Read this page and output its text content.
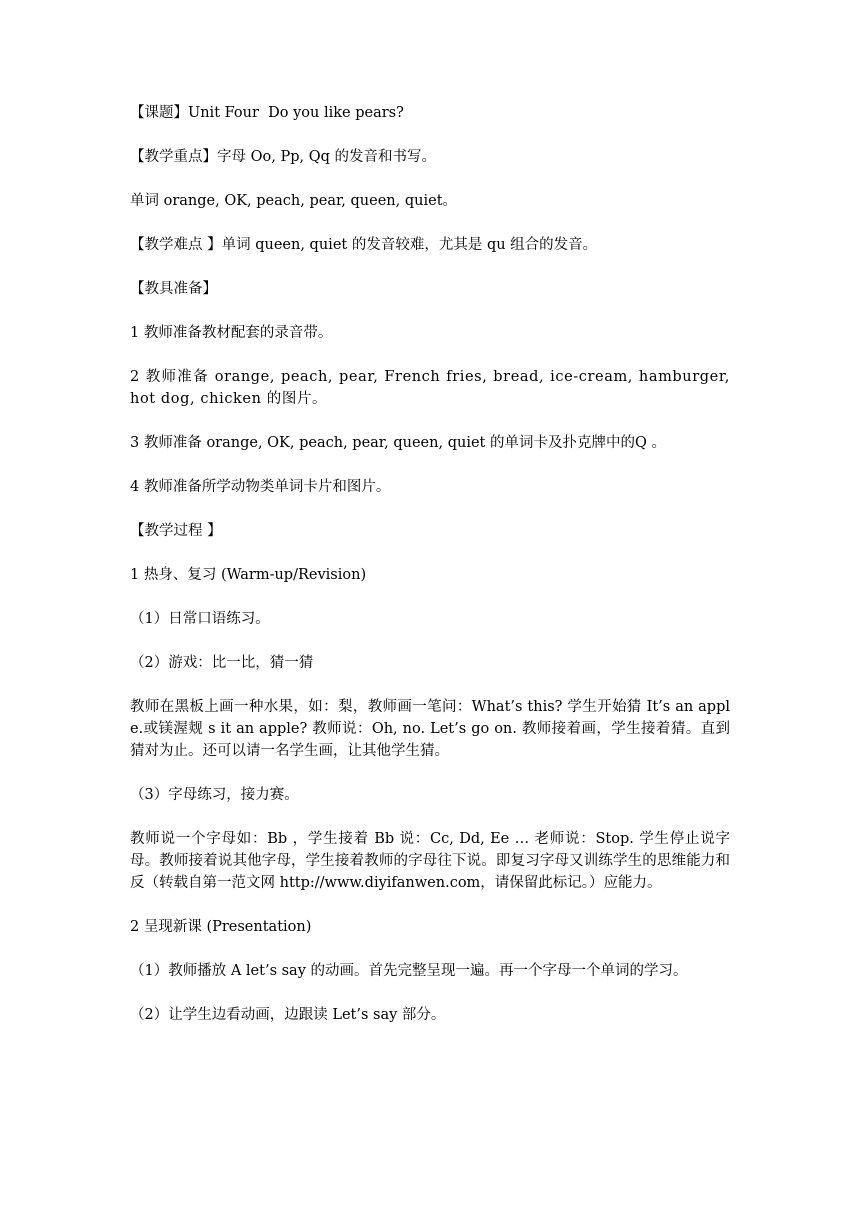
【课题】Unit Four  Do you like pears?

【教学重点】字母 Oo, Pp, Qq 的发音和书写。

单词 orange, OK, peach, pear, queen, quiet。

【教学难点 】单词 queen, quiet 的发音较难，尤其是 qu 组合的发音。

【教具准备】

1 教师准备教材配套的录音带。

2 教师准备 orange, peach, pear, French fries, bread, ice-cream, hamburger, hot dog, chicken 的图片。

3 教师准备 orange, OK, peach, pear, queen, quiet 的单词卡及扑克牌中的Q 。

4 教师准备所学动物类单词卡片和图片。

【教学过程 】

1 热身、复习 (Warm-up/Revision)

（1）日常口语练习。

（2）游戏：比一比，猜一猜

教师在黑板上画一种水果，如：梨，教师画一笔问：What’s this? 学生开始猜 It’s an apple.或镁渥觌 s it an apple? 教师说：Oh, no. Let’s go on. 教师接着画，学生接着猜。直到猜对为止。还可以请一名学生画，让其他学生猜。

（3）字母练习，接力赛。

教师说一个字母如：Bb ，学生接着 Bb 说：Cc, Dd, Ee … 老师说：Stop. 学生停止说字母。教师接着说其他字母，学生接着教师的字母往下说。即复习字母又训练学生的思维能力和反（转载自第一范文网 http://www.diyifanwen.com，请保留此标记。）应能力。

2 呈现新课 (Presentation)

（1）教师播放 A let’s say 的动画。首先完整呈现一遍。再一个字母一个单词的学习。

（2）让学生边看动画，边跟读 Let’s say 部分。
